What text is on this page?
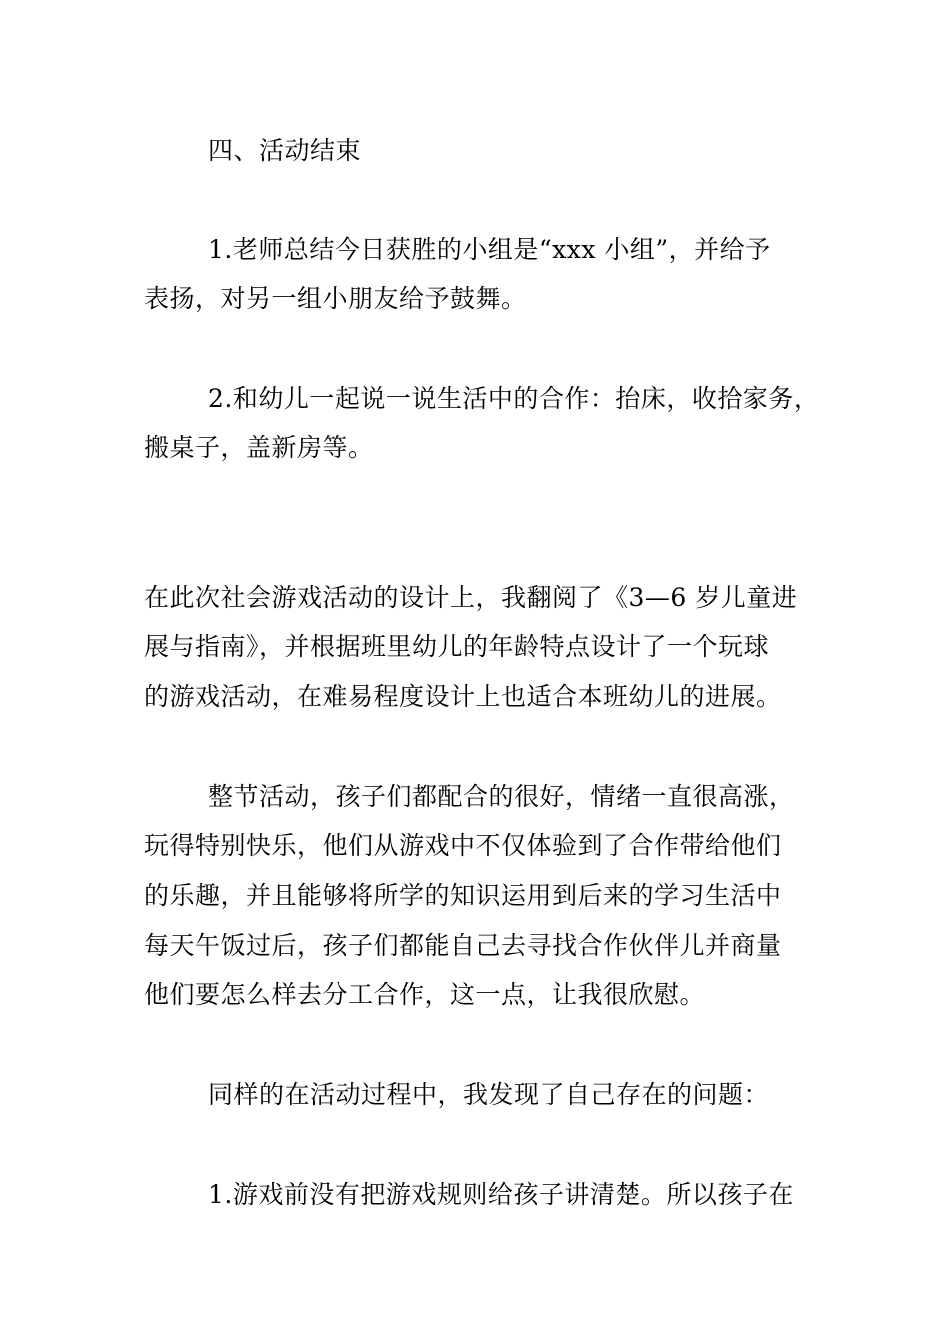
四、活动结束
1.老师总结今日获胜的小组是“xxx 小组”，并给予
表扬，对另一组小朋友给予鼓舞。
2.和幼儿一起说一说生活中的合作：抬床，收拾家务，
搬桌子，盖新房等。
在此次社会游戏活动的设计上，我翻阅了《3—6 岁儿童进
展与指南》，并根据班里幼儿的年龄特点设计了一个玩球
的游戏活动，在难易程度设计上也适合本班幼儿的进展。
整节活动，孩子们都配合的很好，情绪一直很高涨，
玩得特别快乐，他们从游戏中不仅体验到了合作带给他们
的乐趣，并且能够将所学的知识运用到后来的学习生活中
每天午饭过后，孩子们都能自己去寻找合作伙伴儿并商量
他们要怎么样去分工合作，这一点，让我很欣慰。
同样的在活动过程中，我发现了自己存在的问题：
1.游戏前没有把游戏规则给孩子讲清楚。所以孩子在
